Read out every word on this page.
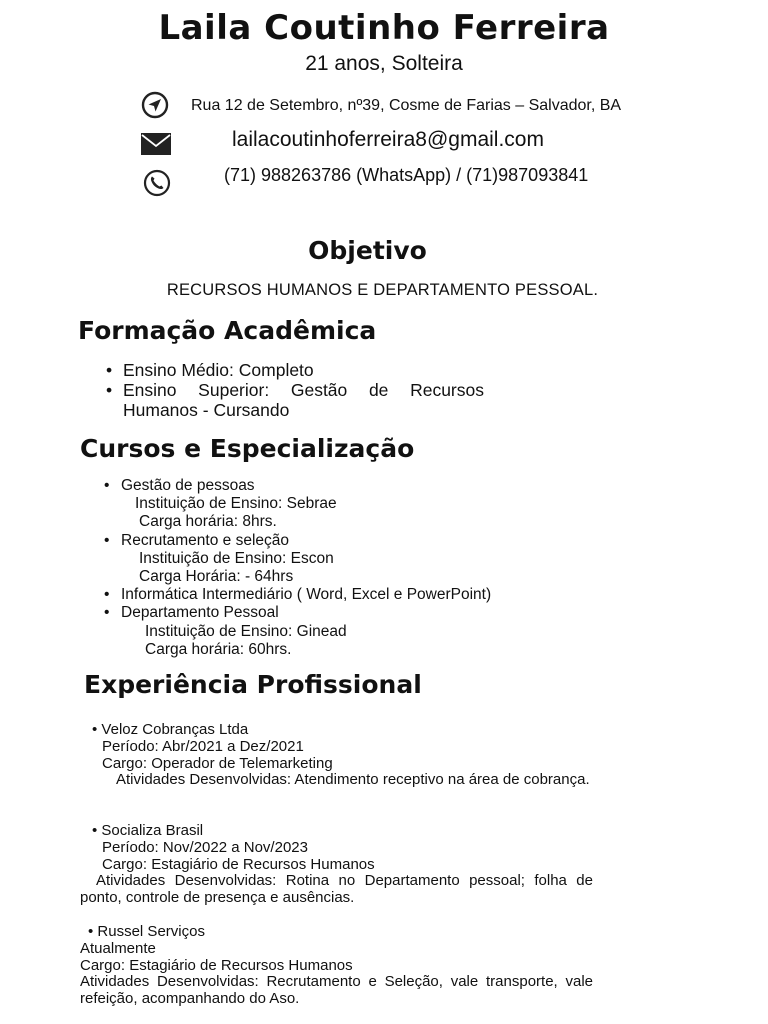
Laila Coutinho Ferreira
21 anos, Solteira
Rua 12 de Setembro, nº39, Cosme de Farias – Salvador, BA
lailacoutinhoferreira8@gmail.com
(71) 988263786 (WhatsApp) / (71)987093841
Objetivo
RECURSOS HUMANOS E DEPARTAMENTO PESSOAL.
Formação Acadêmica
• Ensino Médio: Completo
• Ensino Superior: Gestão de Recursos Humanos - Cursando
Cursos e Especialização
• Gestão de pessoas
Instituição de Ensino: Sebrae
Carga horária: 8hrs.
• Recrutamento e seleção
Instituição de Ensino: Escon
Carga Horária: - 64hrs
• Informática Intermediário ( Word, Excel e PowerPoint)
• Departamento Pessoal
Instituição de Ensino: Ginead
Carga horária: 60hrs.
Experiência Profissional
• Veloz Cobranças Ltda
Período: Abr/2021 a Dez/2021
Cargo: Operador de Telemarketing
Atividades Desenvolvidas: Atendimento receptivo na área de cobrança.
• Socializa Brasil
Período: Nov/2022 a Nov/2023
Cargo: Estagiário de Recursos Humanos
Atividades Desenvolvidas: Rotina no Departamento pessoal; folha de ponto, controle de presença e ausências.
• Russel Serviços
Atualmente
Cargo: Estagiário de Recursos Humanos
Atividades Desenvolvidas: Recrutamento e Seleção, vale transporte, vale refeição, acompanhando do Aso.
